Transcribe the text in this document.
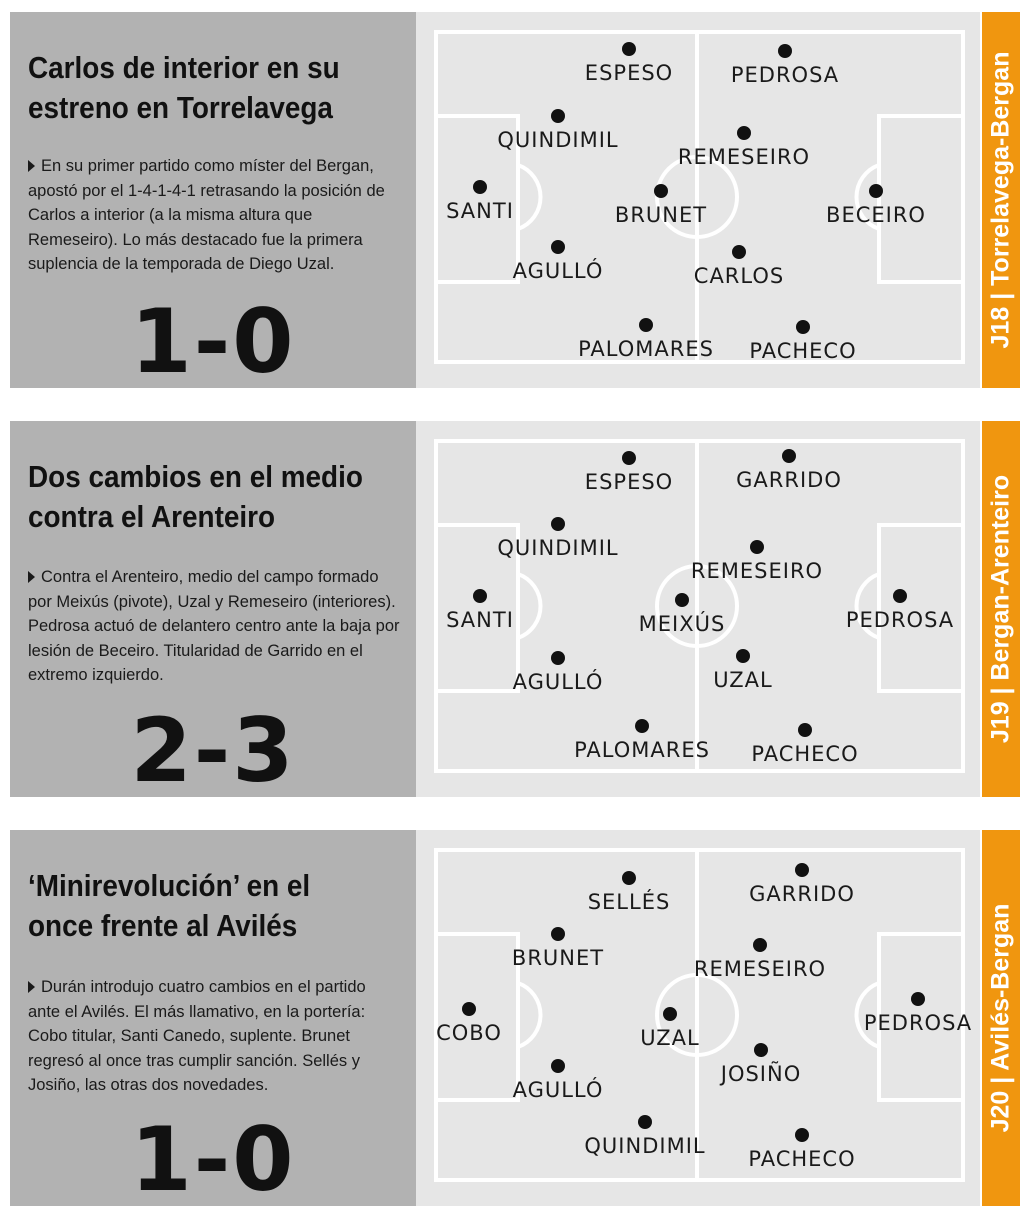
Carlos de interior en su
estreno en Torrelavega

En su primer partido como míster del Bergan, apostó por el 1-4-1-4-1 retrasando la posición de Carlos a interior (a la misma altura que Remeseiro). Lo más destacado fue la primera suplencia de la temporada de Diego Uzal.

1-0
ESPESO	PEDROSA
QUINDIMIL
REMESEIRO
SANTI	BRUNET	BECEIRO
AGULLÓ	CARLOS
PALOMARES PACHECO
J18 | Torrelavega-Bergan
Dos cambios en el medio
contra el Arenteiro

Contra el Arenteiro, medio del campo formado por Meixús (pivote), Uzal y Remeseiro (interiores). Pedrosa actuó de delantero centro ante la baja por lesión de Beceiro. Titularidad de Garrido en el extremo izquierdo.

2-3
ESPESO	GARRIDO
QUINDIMIL
REMESEIRO
SANTI	MEIXÚS	PEDROSA
AGULLÓ	UZAL
PALOMARES PACHECO
J19 | Bergan-Arenteiro
‘Minirevolución’ en el
once frente al Avilés

Durán introdujo cuatro cambios en el partido ante el Avilés. El más llamativo, en la portería: Cobo titular, Santi Canedo, suplente. Brunet regresó al once tras cumplir sanción. Sellés y Josiño, las otras dos novedades.

1-0
SELLÉS	GARRIDO
BRUNET	REMESEIRO
COBO	UZAL
PEDROSA
AGULLÓ
JOSIÑO
QUINDIMIL
PACHECO
J20 | Avilés-Bergan
